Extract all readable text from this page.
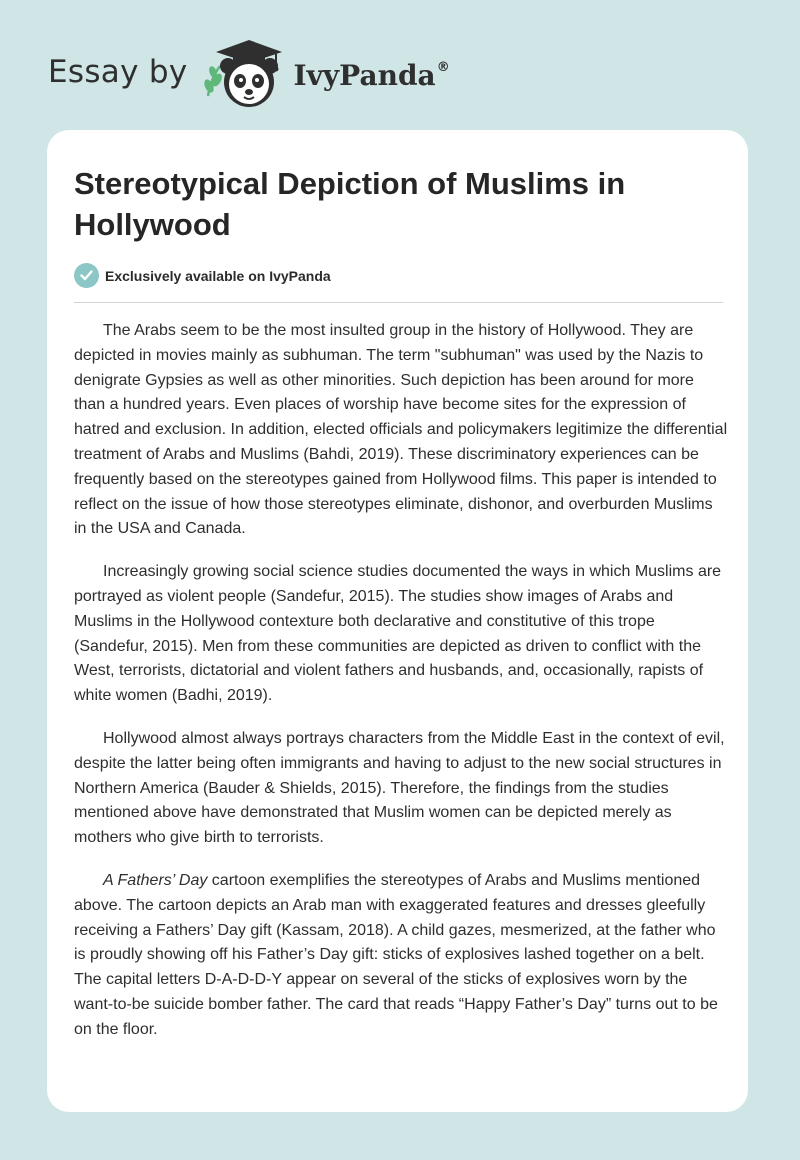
Essay by	IvyPanda®
Stereotypical Depiction of Muslims in Hollywood
Exclusively available on IvyPanda

The Arabs seem to be the most insulted group in the history of Hollywood. They are depicted in movies mainly as subhuman. The term "subhuman" was used by the Nazis to denigrate Gypsies as well as other minorities. Such depiction has been around for more than a hundred years. Even places of worship have become sites for the expression of hatred and exclusion. In addition, elected officials and policymakers legitimize the differential treatment of Arabs and Muslims (Bahdi, 2019). These discriminatory experiences can be frequently based on the stereotypes gained from Hollywood films. This paper is intended to reflect on the issue of how those stereotypes eliminate, dishonor, and overburden Muslims in the USA and Canada.

Increasingly growing social science studies documented the ways in which Muslims are portrayed as violent people (Sandefur, 2015). The studies show images of Arabs and Muslims in the Hollywood contexture both declarative and constitutive of this trope (Sandefur, 2015). Men from these communities are depicted as driven to conflict with the West, terrorists, dictatorial and violent fathers and husbands, and, occasionally, rapists of white women (Badhi, 2019).

Hollywood almost always portrays characters from the Middle East in the context of evil, despite the latter being often immigrants and having to adjust to the new social structures in Northern America (Bauder & Shields, 2015). Therefore, the findings from the studies mentioned above have demonstrated that Muslim women can be depicted merely as mothers who give birth to terrorists.

A Fathers’ Day cartoon exemplifies the stereotypes of Arabs and Muslims mentioned above. The cartoon depicts an Arab man with exaggerated features and dresses gleefully receiving a Fathers’ Day gift (Kassam, 2018). A child gazes, mesmerized, at the father who is proudly showing off his Father’s Day gift: sticks of explosives lashed together on a belt. The capital letters D-A-D-D-Y appear on several of the sticks of explosives worn by the want-to-be suicide bomber father. The card that reads “Happy Father’s Day” turns out to be on the floor.
